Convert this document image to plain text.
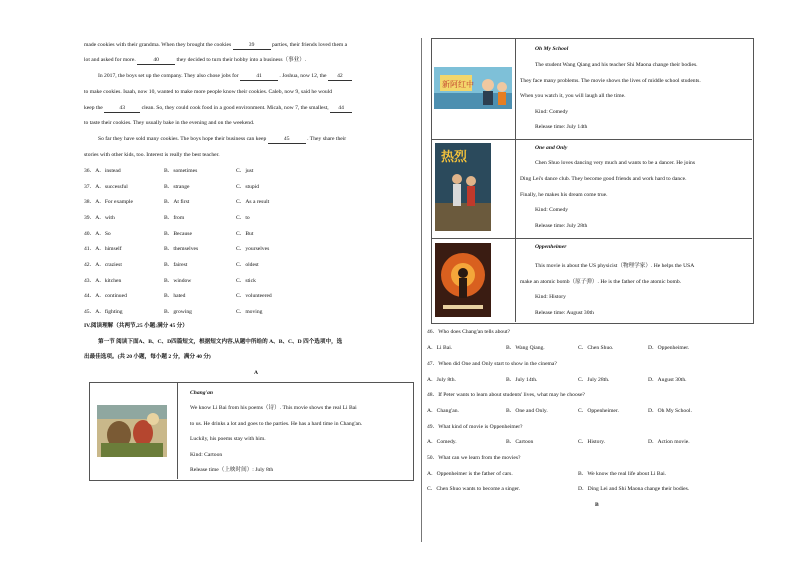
made cookies with their grandma. When they brought the cookies	39	parties, their friends loved them a
lot and asked for more.	40	they decided to turn their hobby into a business（事业）.
In 2017, the boys set up the company. They also chose jobs for	41	. Joshua, now 12, the 42
to make cookies. Isaah, now 10, wanted to make more people know their cookies. Caleb, now 9, said he would
keep the	43	clean. So, they could cook food in a good environment. Micah, now 7, the smallest, 44
to taste their cookies. They usually bake in the evening and on the weekend.
So far they have sold many cookies. The boys hope their business can keep	45	. They share their
stories with other kids, too. Interest is really the best teacher.
36．A．instead	B．sometimes	C．just
37．A．successful	B．strange	C．stupid
38．A．For example	B．At first	C．As a result
39．A．with	B．from	C．to
40．A．So	B．Because	C．But
41．A．himself	B．themselves	C．yourselves
42．A．craziest	B．fairest	C．oldest
43．A．kitchen	B．window	C．stick
44．A．continued	B．hated	C．volunteered
45．A．fighting	B．growing	C．moving
IV.阅读理解（共两节,25 小题;满分 45 分）
第一节 阅读下面A、B、C、D四篇短文，根据短文内容,从题中所给的 A、B、C、D 四个选项中，选
出最佳选项。(共 20 小题，每小题 2 分，满分 40 分)
A
Chang'an
We know Li Bai from his poems（诗）. This movie shows the real Li Bai
to us. He drinks a lot and goes to the parties. He has a hard time in Chang'an.
Luckily, his poems stay with him.
Kind: Cartoon
Release time（上映时间）: July 8th
新阿红中
Oh My School
The student Wang Qiang and his teacher Shi Maona change their bodies.
They face many problems. The movie shows the lives of middle school students.
When you watch it, you will laugh all the time.
Kind: Comedy
Release time: July 14th
热烈
One and Only
Chen Shuo loves dancing very much and wants to be a dancer. He joins
Ding Lei's dance club. They become good friends and work hard to dance.
Finally, he makes his dream come true.
Kind: Comedy
Release time: July 28th
Oppenheimer
This movie is about the US physicist（物理学家）. He helps the USA
make an atomic bomb（原子弹）. He is the father of the atomic bomb.
Kind: History
Release time: August 30th
46．Who does Chang'an tells about?
A．Li Bai.	B．Wang Qiang.	C．Chen Shuo.	D．Oppenheimer.
47．When did One and Only start to show in the cinema?
A．July 8th.	B．July 14th.	C．July 28th.	D．August 30th.
48．If Peter wants to learn about students' lives, what may he choose?
A．Chang'an.	B．One and Only.	C．Oppenheimer.	D．Oh My School.
49．What kind of movie is Oppenheimer?
A．Comedy.	B．Cartoon	C．History.	D．Action movie.
50．What can we learn from the movies?
A．Oppenheimer is the father of cars.	B．We know the real life about Li Bai.
C．Chen Shuo wants to become a singer.	D．Ding Lei and Shi Maona change their bodies.
B
